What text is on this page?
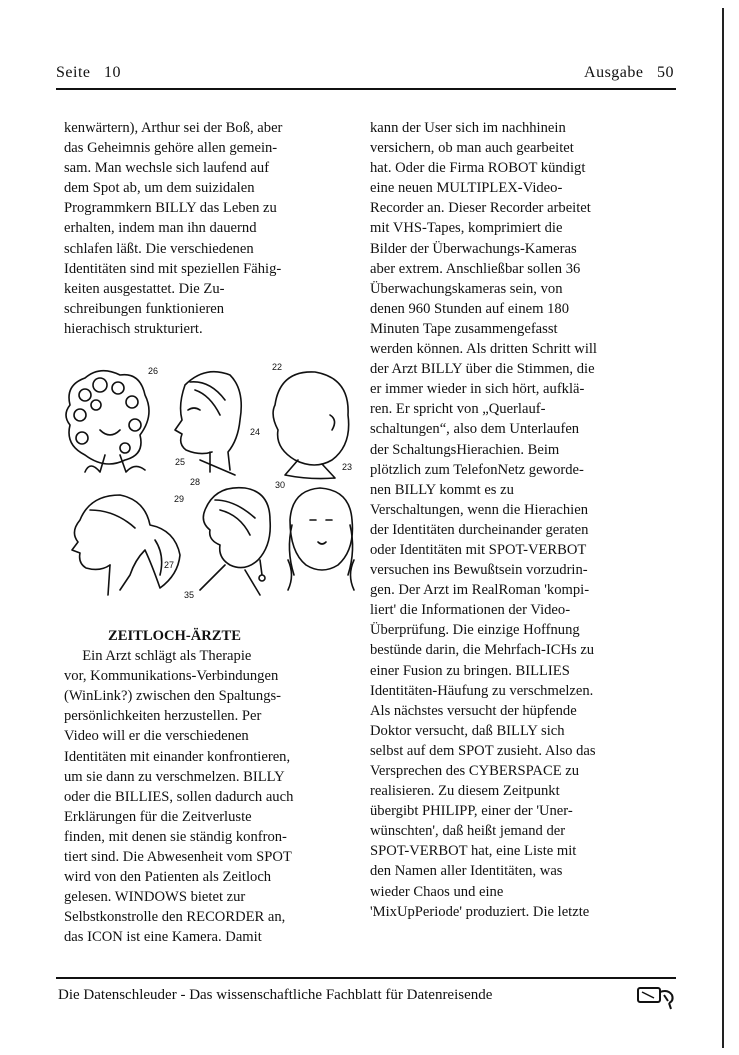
Seite   10	Ausgabe   50
kenwärtern), Arthur sei der Boß, aber
das Geheimnis gehöre allen gemein-
sam. Man wechsle sich laufend auf
dem Spot ab, um dem suizidalen
Programmkern BILLY das Leben zu
erhalten, indem man ihn dauernd
schlafen läßt. Die verschiedenen
Identitäten sind mit speziellen Fähig-
keiten ausgestattet. Die Zu-
schreibungen funktionieren
hierachisch strukturiert.
26	22
24
25	23
28
29
30
27
35
ZEITLOCH-ÄRZTE
Ein Arzt schlägt als Therapie
vor, Kommunikations-Verbindungen
(WinLink?) zwischen den Spaltungs-
persönlichkeiten herzustellen. Per
Video will er die verschiedenen
Identitäten mit einander konfrontieren,
um sie dann zu verschmelzen. BILLY
oder die BILLIES, sollen dadurch auch
Erklärungen für die Zeitverluste
finden, mit denen sie ständig konfron-
tiert sind. Die Abwesenheit vom SPOT
wird von den Patienten als Zeitloch
gelesen. WINDOWS bietet zur
Selbstkonstrolle den RECORDER an,
das ICON ist eine Kamera. Damit
kann der User sich im nachhinein
versichern, ob man auch gearbeitet
hat. Oder die Firma ROBOT kündigt
eine neuen MULTIPLEX-Video-
Recorder an. Dieser Recorder arbeitet
mit VHS-Tapes, komprimiert die
Bilder der Überwachungs-Kameras
aber extrem. Anschließbar sollen 36
Überwachungskameras sein, von
denen 960 Stunden auf einem 180
Minuten Tape zusammengefasst
werden können. Als dritten Schritt will
der Arzt BILLY über die Stimmen, die
er immer wieder in sich hört, aufklä-
ren. Er spricht von „Querlauf-
schaltungen“, also dem Unterlaufen
der SchaltungsHierachien. Beim
plötzlich zum TelefonNetz geworde-
nen BILLY kommt es zu
Verschaltungen, wenn die Hierachien
der Identitäten durcheinander geraten
oder Identitäten mit SPOT-VERBOT
versuchen ins Bewußtsein vorzudrin-
gen. Der Arzt im RealRoman 'kompi-
liert' die Informationen der Video-
Überprüfung. Die einzige Hoffnung
bestünde darin, die Mehrfach-ICHs zu
einer Fusion zu bringen. BILLIES
Identitäten-Häufung zu verschmelzen.
Als nächstes versucht der hüpfende
Doktor versucht, daß BILLY sich
selbst auf dem SPOT zusieht. Also das
Versprechen des CYBERSPACE zu
realisieren. Zu diesem Zeitpunkt
übergibt PHILIPP, einer der 'Uner-
wünschten', daß heißt jemand der
SPOT-VERBOT hat, eine Liste mit
den Namen aller Identitäten, was
wieder Chaos und eine
'MixUpPeriode' produziert. Die letzte
Die Datenschleuder - Das wissenschaftliche Fachblatt für Datenreisende
